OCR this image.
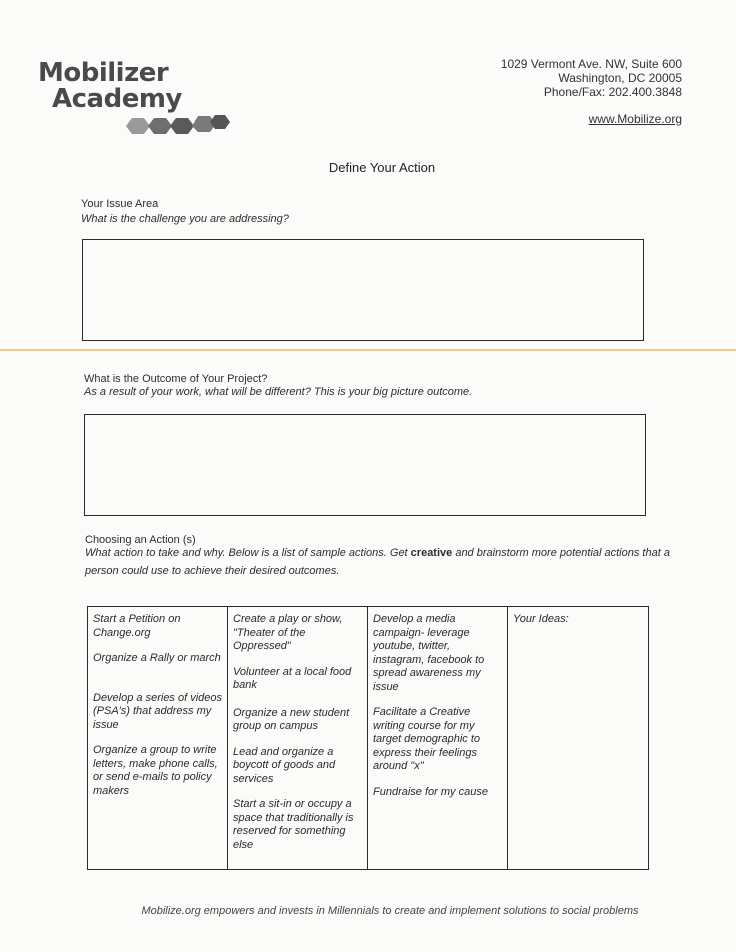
Mobilizer
Academy
1029 Vermont Ave. NW, Suite 600
Washington, DC 20005
Phone/Fax: 202.400.3848
www.Mobilize.org
Define Your Action
Your Issue Area
What is the challenge you are addressing?
What is the Outcome of Your Project?
As a result of your work, what will be different? This is your big picture outcome.
Choosing an Action (s)
What action to take and why. Below is a list of sample actions. Get creative and brainstorm more potential actions that a person could use to achieve their desired outcomes.
Start a Petition on Change.org
Organize a Rally or march
Develop a series of videos (PSA's) that address my issue
Organize a group to write letters, make phone calls, or send e-mails to policy makers

Create a play or show, "Theater of the Oppressed"
Volunteer at a local food bank
Organize a new student group on campus
Lead and organize a boycott of goods and services
Start a sit-in or occupy a space that traditionally is reserved for something else

Develop a media campaign- leverage youtube, twitter, instagram, facebook to spread awareness my issue
Facilitate a Creative writing course for my target demographic to express their feelings around "x"
Fundraise for my cause

Your Ideas:
Mobilize.org empowers and invests in Millennials to create and implement solutions to social problems
